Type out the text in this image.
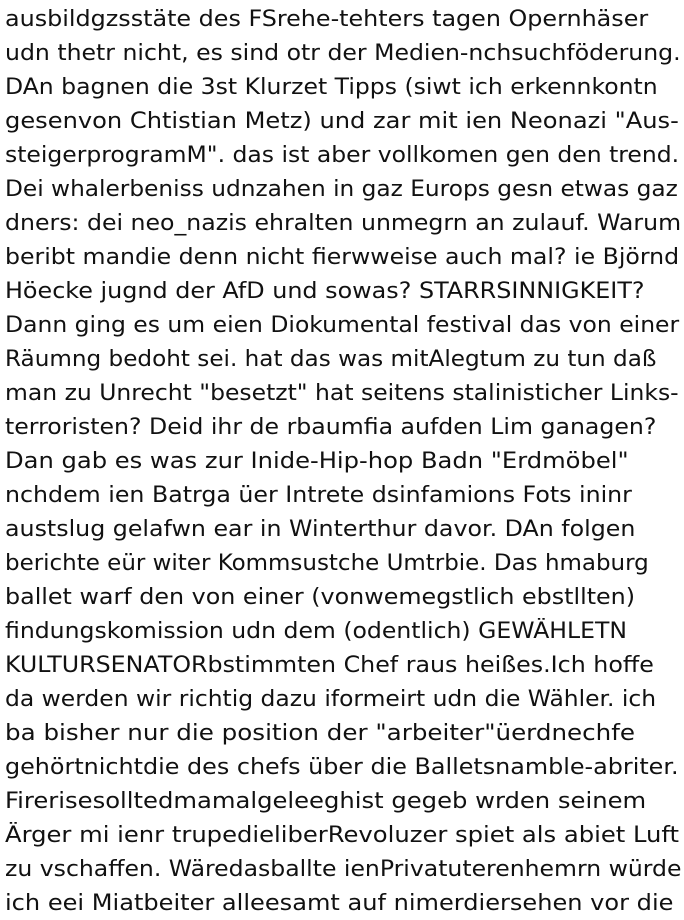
ausbildgzsstäte des FSrehe-tehters tagen Opernhäser
udn thetr nicht, es sind otr der Medien-nchsuchföderung.
DAn bagnen die 3st Klurzet Tipps (siwt ich erkennkontn
gesenvon Chtistian Metz) und zar mit ien Neonazi "Aus-
steigerprogramM". das ist aber vollkomen gen den trend.
Dei whalerbeniss udnzahen in gaz Europs gesn etwas gaz
dners: dei neo_nazis ehralten unmegrn an zulauf. Warum
beribt mandie denn nicht fierwweise auch mal? ie Björnd
Höecke jugnd der AfD und sowas? STARRSINNIGKEIT?
Dann ging es um eien Diokumental festival das von einer
Räumng bedoht sei. hat das was mitAlegtum zu tun daß
man zu Unrecht "besetzt" hat seitens stalinisticher Links-
terroristen? Deid ihr de rbaumfia aufden Lim ganagen?
Dan gab es was zur Inide-Hip-hop Badn "Erdmöbel"
nchdem ien Batrga üer Intrete dsinfamions Fots ininr
austslug gelafwn ear in Winterthur davor. DAn folgen
berichte eür witer Kommsustche Umtrbie. Das hmaburg
ballet warf den von einer (vonwemegstlich ebstllten)
findungskomission udn dem (odentlich) GEWÄHLETN
KULTURSENATORbstimmten Chef raus heißes.Ich hoffe
da werden wir richtig dazu iformeirt udn die Wähler. ich
ba bisher nur die position der "arbeiter"üerdnechfe
gehörtnichtdie des chefs über die Balletsnamble-abriter.
Firerisesolltedmamalgeleeghist gegeb wrden seinem
Ärger mi ienr trupedieliberRevoluzer spiet als abiet Luft
zu vschaffen. Wäredasballte ienPrivatuterenhemrn würde
ich eei Miatbeiter alleesamt auf nimerdiersehen vor die
